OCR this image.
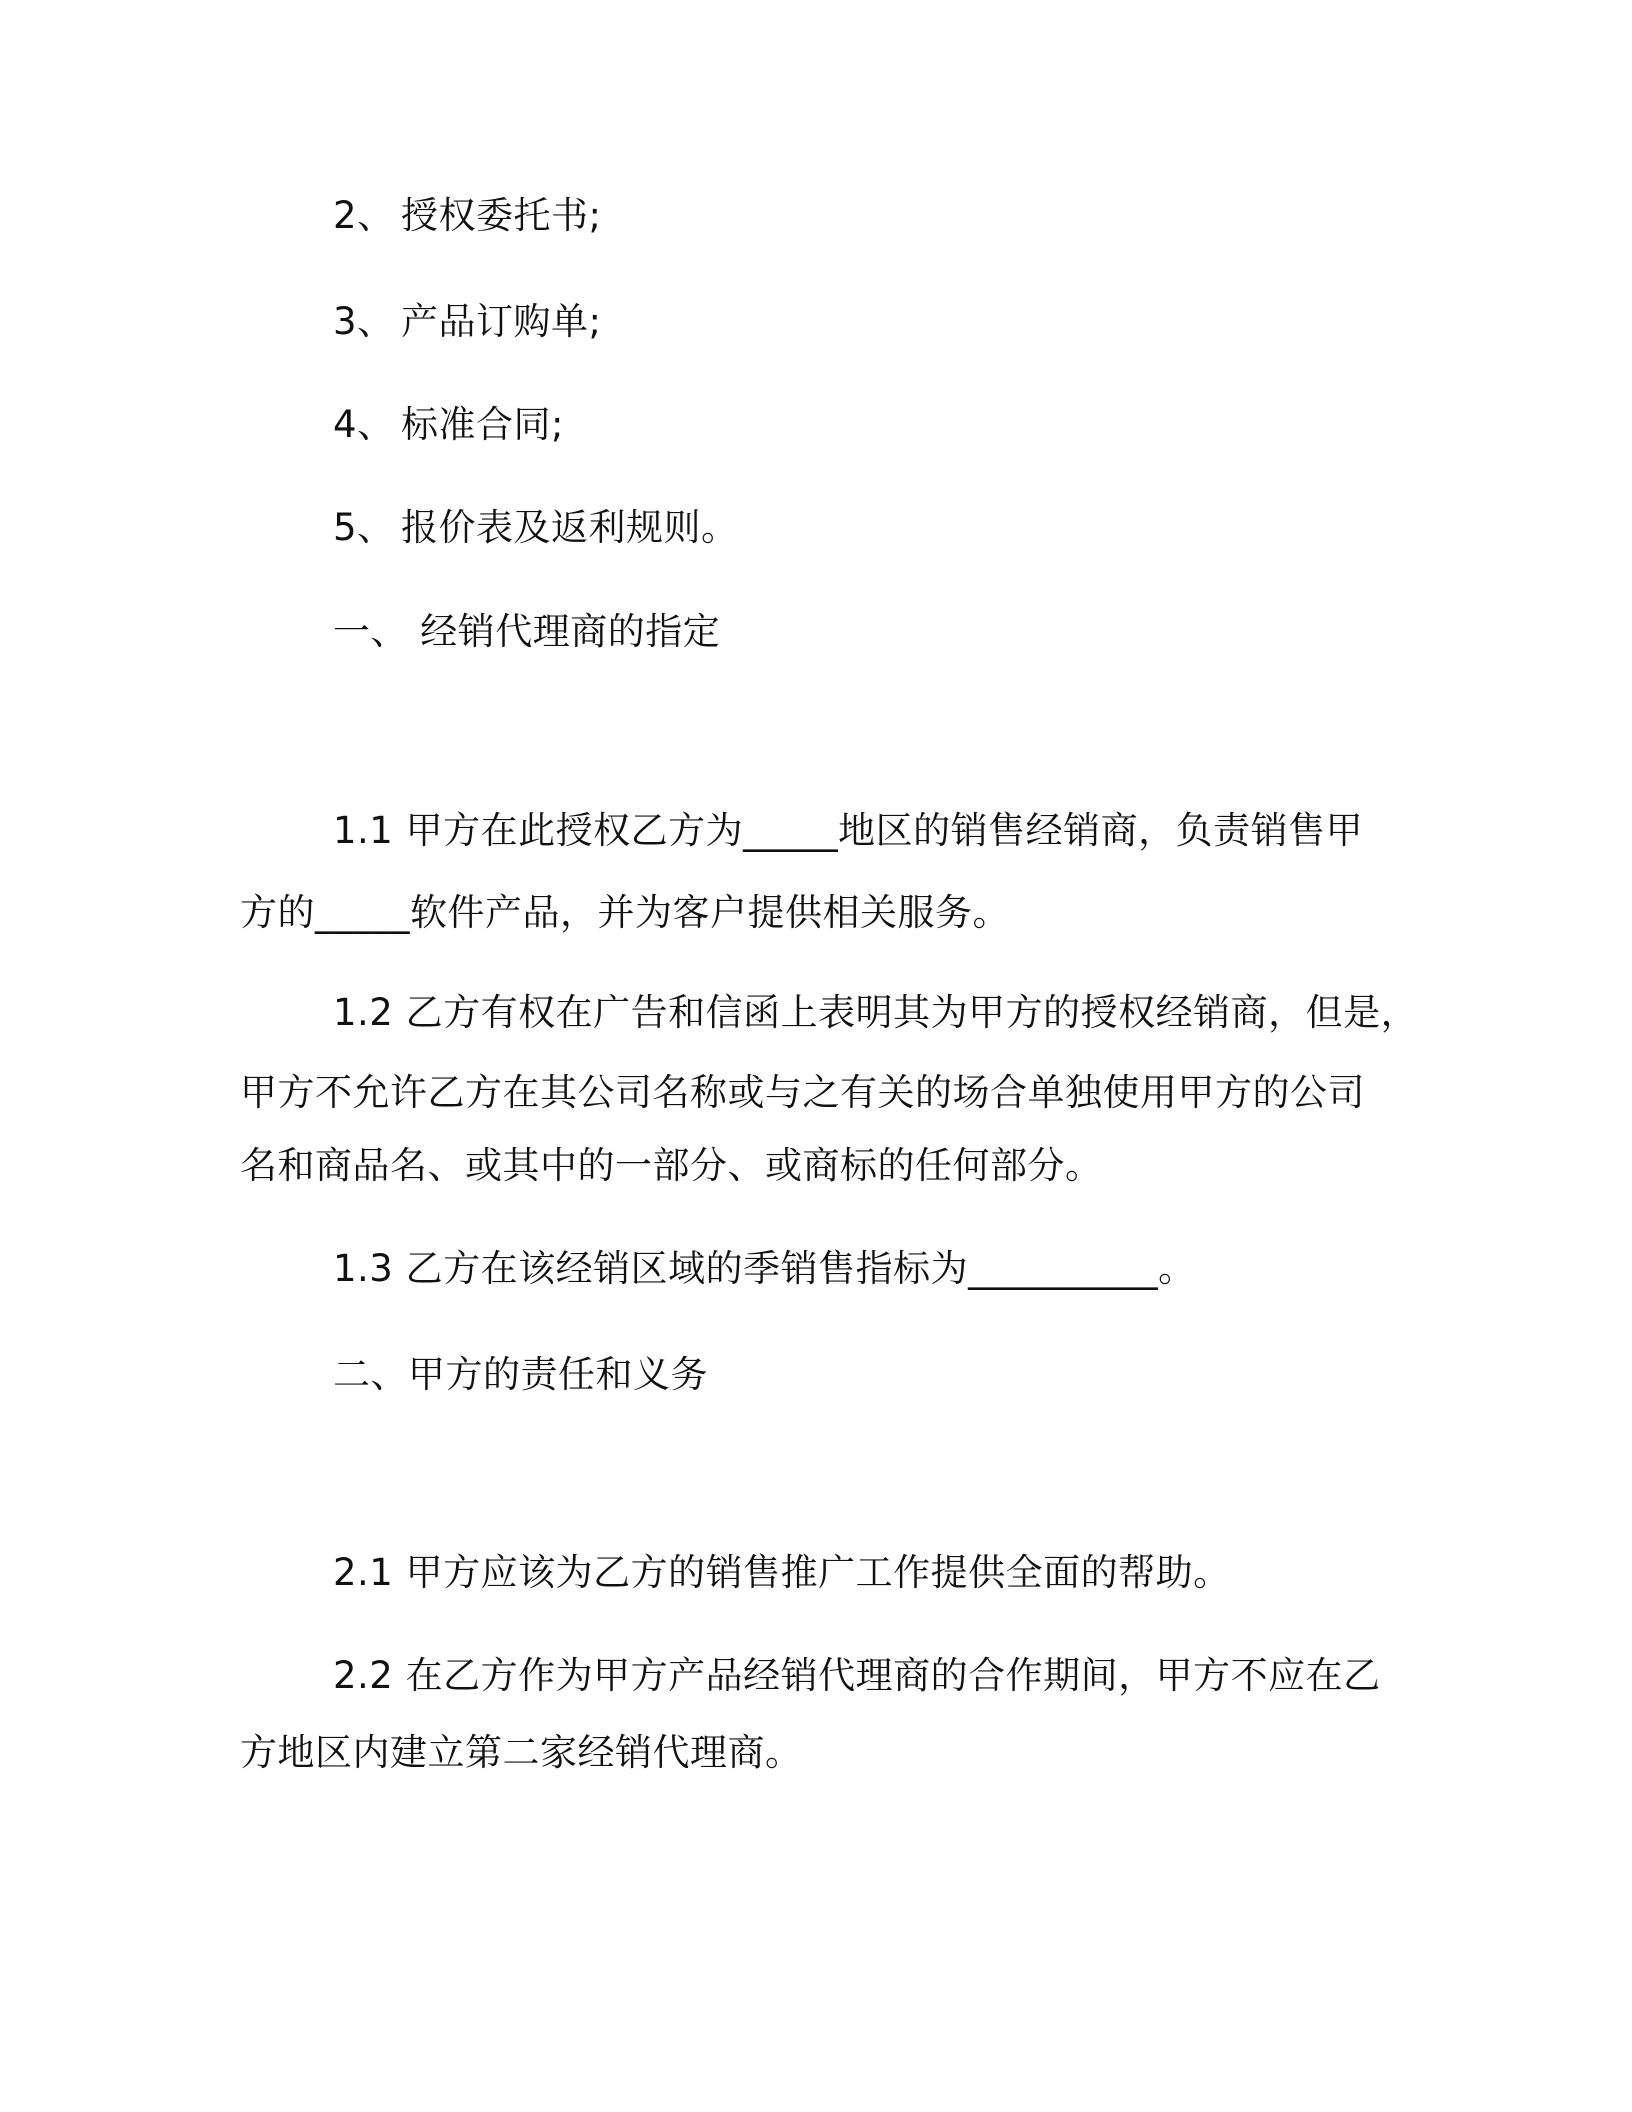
2、 授权委托书;
3、 产品订购单;
4、 标准合同;
5、 报价表及返利规则。
一、 经销代理商的指定
1.1 甲方在此授权乙方为_____地区的销售经销商，负责销售甲
方的_____软件产品，并为客户提供相关服务。
1.2 乙方有权在广告和信函上表明其为甲方的授权经销商，但是，
甲方不允许乙方在其公司名称或与之有关的场合单独使用甲方的公司
名和商品名、或其中的一部分、或商标的任何部分。
1.3 乙方在该经销区域的季销售指标为__________。
二、甲方的责任和义务
2.1 甲方应该为乙方的销售推广工作提供全面的帮助。
2.2 在乙方作为甲方产品经销代理商的合作期间，甲方不应在乙
方地区内建立第二家经销代理商。
